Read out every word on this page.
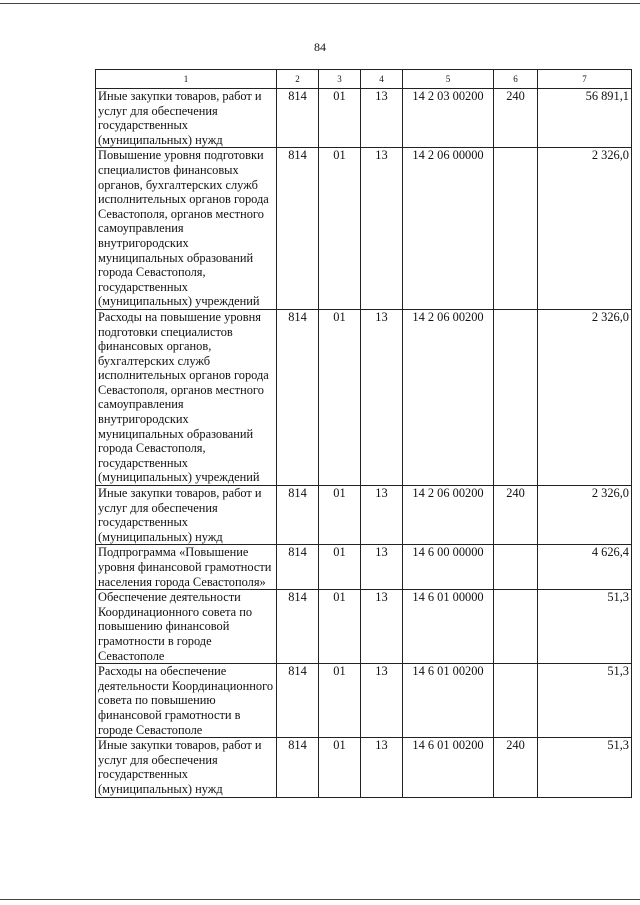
84
1	2	3	4	5	6	7
Иные закупки товаров, работ и услуг для обеспечения государственных (муниципальных) нужд	814	01	13	14 2 03 00200	240	56 891,1
Повышение уровня подготовки специалистов финансовых органов, бухгалтерских служб исполнительных органов города Севастополя, органов местного самоуправления внутригородских муниципальных образований города Севастополя, государственных (муниципальных) учреждений	814	01	13	14 2 06 00000		2 326,0
Расходы на повышение уровня подготовки специалистов финансовых органов, бухгалтерских служб исполнительных органов города Севастополя, органов местного самоуправления внутригородских муниципальных образований города Севастополя, государственных (муниципальных) учреждений	814	01	13	14 2 06 00200		2 326,0
Иные закупки товаров, работ и услуг для обеспечения государственных (муниципальных) нужд	814	01	13	14 2 06 00200	240	2 326,0
Подпрограмма «Повышение уровня финансовой грамотности населения города Севастополя»	814	01	13	14 6 00 00000		4 626,4
Обеспечение деятельности Координационного совета по повышению финансовой грамотности в городе Севастополе	814	01	13	14 6 01 00000		51,3
Расходы на обеспечение деятельности Координационного совета по повышению финансовой грамотности в городе Севастополе	814	01	13	14 6 01 00200		51,3
Иные закупки товаров, работ и услуг для обеспечения государственных (муниципальных) нужд	814	01	13	14 6 01 00200	240	51,3
